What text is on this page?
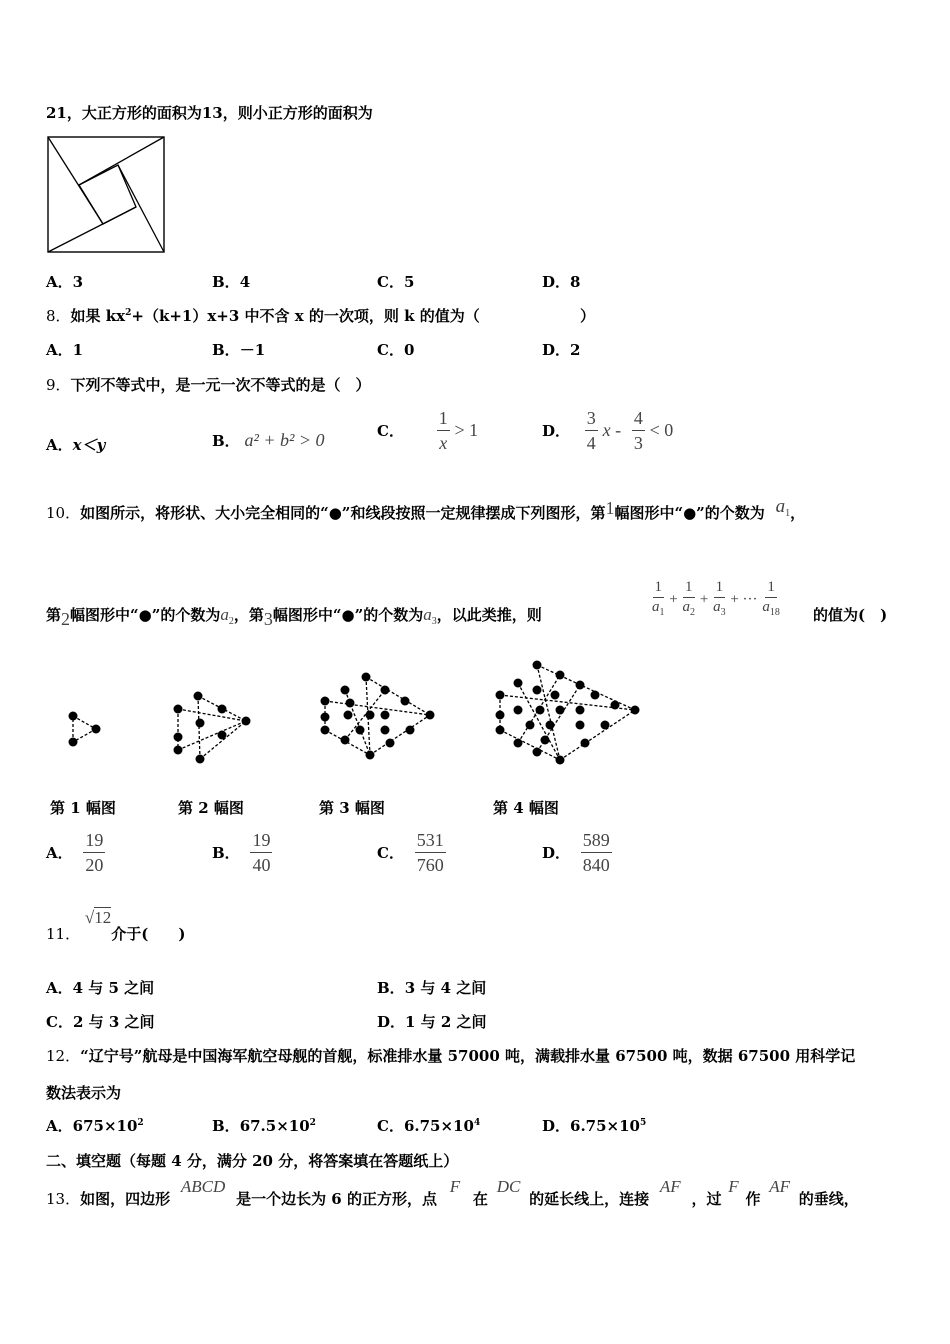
21，大正方形的面积为13，则小正方形的面积为
A．3	B．4	C．5	D．8
8．如果 $kx^2+(k+1)x+3$ 中不含 x 的一次项，则 k 的值为（	）
A．1	B．－1	C．0	D．2
9．下列不等式中，是一元一次不等式的是（　）
A．x＜y	B． a² + b² > 0	C． $\frac{1}{x} > 1$	D． $\frac{3}{4}$ $x - \frac{4}{3} < 0$
10．如图所示，将形状、大小完全相同的“●”和线段按照一定规律摆成下列图形，第1幅图形中“●”的个数为 $a^1$，
第2幅图形中“●”的个数为$a_2$，第3幅图形中“●”的个数为$a_3$，以此类推，则	$\frac{1}{a_1} + \frac{1}{a_2} + \frac{1}{a_3}$ + ··· $\frac{1}{a_{18}}$ 的值为(　)
第 1 幅图	第 2 幅图	第 3 幅图	第 4 幅图
A． $\frac{19}{20}$	B． $\frac{19}{40}$	C． $\frac{531}{760}$	D． $\frac{589}{840}$
11． √12介于(　　)
A．4 与 5 之间	B．3 与 4 之间
C．2 与 3 之间	D．1 与 2 之间
12．“辽宁号”航母是中国海军航空母舰的首舰，标准排水量 57000 吨，满载排水量 67500 吨，数据 67500 用科学记
数法表示为
A．$675\times 10^2$	B．$67.5\times 10^2$	C．$6.75\times 10^4$	D．$6.75\times 10^5$
二、填空题（每题 4 分，满分 20 分，将答案填在答题纸上）
13．如图，四边形 ABCD 是一个边长为 6 的正方形，点 F 在 DC 的延长线上，连接 AF ，过 F 作 AF 的垂线，
